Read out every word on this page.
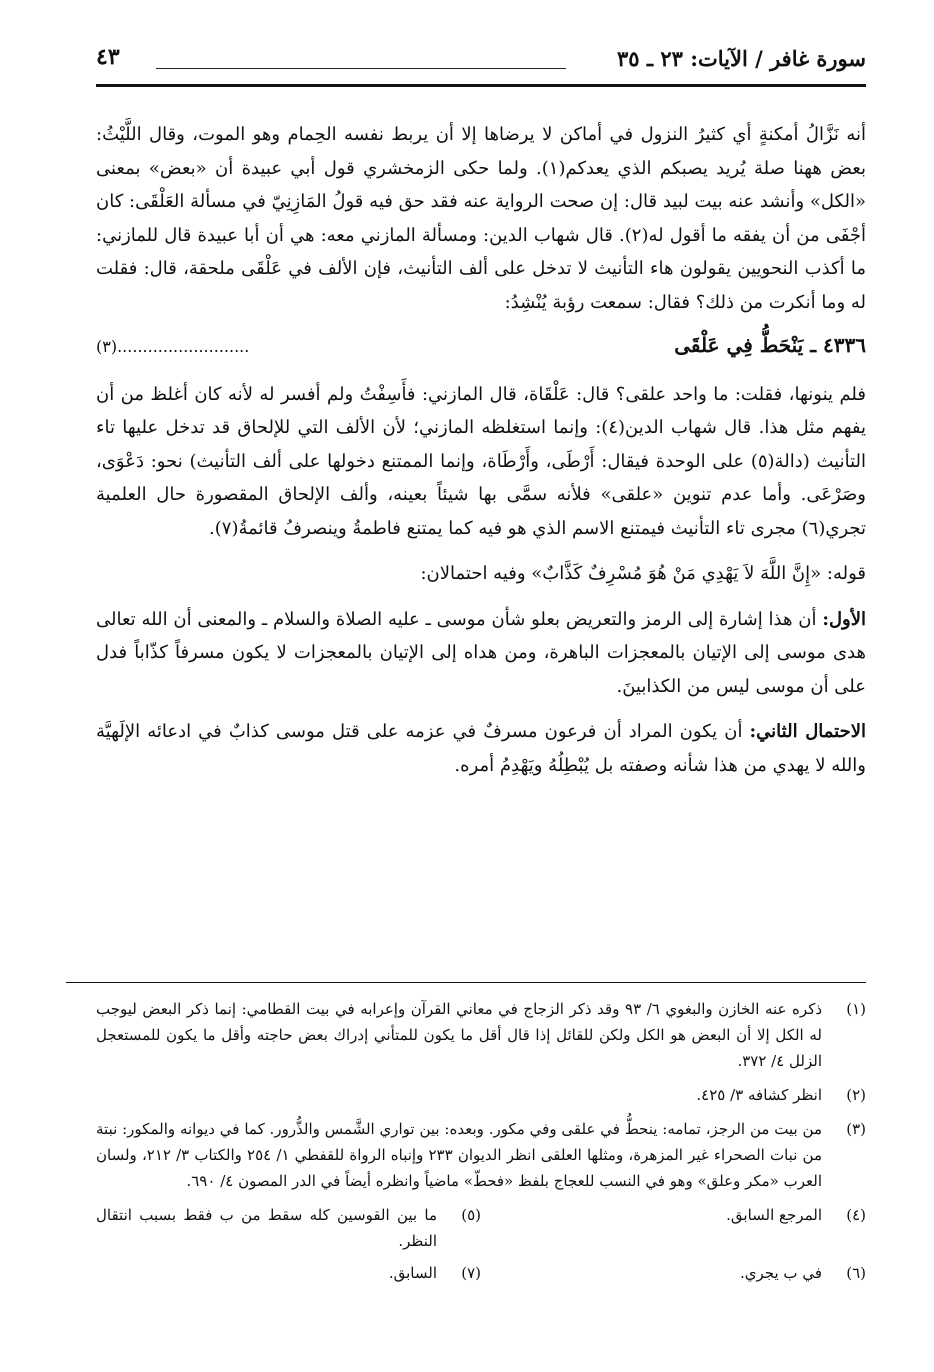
سورة غافر / الآيات: ٢٣ ـ ٣٥
٤٣

أنه نَزَّالُ أمكنةٍ أي كثيرُ النزول في أماكن لا يرضاها إلا أن يربط نفسه الحِمام وهو الموت، وقال اللَّيْثُ: بعض ههنا صلة يُريد يصبكم الذي يعدكم(١). ولما حكى الزمخشري قول أبي عبيدة أن «بعض» بمعنى «الكل» وأنشد عنه بيت لبيد قال: إن صحت الرواية عنه فقد حق فيه قولُ المَازِنِيّ في مسألة العَلْقَى: كان أجْفَى من أن يفقه ما أقول له(٢). قال شهاب الدين: ومسألة المازني معه: هي أن أبا عبيدة قال للمازني: ما أكذب النحويين يقولون هاء التأنيث لا تدخل على ألف التأنيث، فإن الألف في عَلْقَى ملحقة، قال: فقلت له وما أنكرت من ذلك؟ فقال: سمعت رؤبة يُنْشِدُ:

٤٣٣٦ ـ يَنْحَطُّ فِي عَلْقَى
..........................(٣)

فلم ينونها، فقلت: ما واحد علقى؟ قال: عَلْقَاة، قال المازني: فأَسِفْتُ ولم أفسر له لأنه كان أغلظ من أن يفهم مثل هذا. قال شهاب الدين(٤): وإنما استغلظه المازني؛ لأن الألف التي للإلحاق قد تدخل عليها تاء التأنيث (دالة(٥) على الوحدة فيقال: أَرْطَى، وأَرْطَاة، وإنما الممتنع دخولها على ألف التأنيث) نحو: دَعْوَى، وصَرْعَى. وأما عدم تنوين «علقى» فلأنه سمَّى بها شيئاً بعينه، وألف الإلحاق المقصورة حال العلمية تجري(٦) مجرى تاء التأنيث فيمتنع الاسم الذي هو فيه كما يمتنع فاطمةُ وينصرفُ قائمةُ(٧).

قوله: «إِنَّ اللَّهَ لاَ يَهْدِي مَنْ هُوَ مُسْرِفٌ كَذَّابٌ» وفيه احتمالان:

الأول: أن هذا إشارة إلى الرمز والتعريض بعلو شأن موسى ـ عليه الصلاة والسلام ـ والمعنى أن الله تعالى هدى موسى إلى الإتيان بالمعجزات الباهرة، ومن هداه إلى الإتيان بالمعجزات لا يكون مسرفاً كذّاباً فدل على أن موسى ليس من الكذابينَ.

الاحتمال الثاني: أن يكون المراد أن فرعون مسرفٌ في عزمه على قتل موسى كذابٌ في ادعائه الإلَهيَّة والله لا يهدي من هذا شأنه وصفته بل يُبْطِلُهُ ويَهْدِمُ أمره.

(١)
ذكره عنه الخازن والبغوي ٦/ ٩٣ وقد ذكر الزجاج في معاني القرآن وإعرابه في بيت القطامي: إنما ذكر البعض ليوجب له الكل إلا أن البعض هو الكل ولكن للقائل إذا قال أقل ما يكون للمتأني إدراك بعض حاجته وأقل ما يكون للمستعجل الزلل ٤/ ٣٧٢.
(٢)
انظر كشافه ٣/ ٤٢٥.
(٣)
من بيت من الرجز، تمامه: ينحطُّ في علقى وفي مكور. وبعده: بين تواري الشَّمس والذُّرور. كما في ديوانه والمكور: نبتة من نبات الصحراء غير المزهرة، ومثلها العلقى انظر الديوان ٢٣٣ وإنباه الرواة للقفطي ١/ ٢٥٤ والكتاب ٣/ ٢١٢، ولسان العرب «مكر وعلق» وهو في النسب للعجاج بلفظ «فحطّ» ماضياً وانظره أيضاً في الدر المصون ٤/ ٦٩٠.
(٤)
المرجع السابق.
(٥)
ما بين القوسين كله سقط من ب فقط بسبب انتقال النظر.
(٦)
في ب يجري.
(٧)
السابق.
